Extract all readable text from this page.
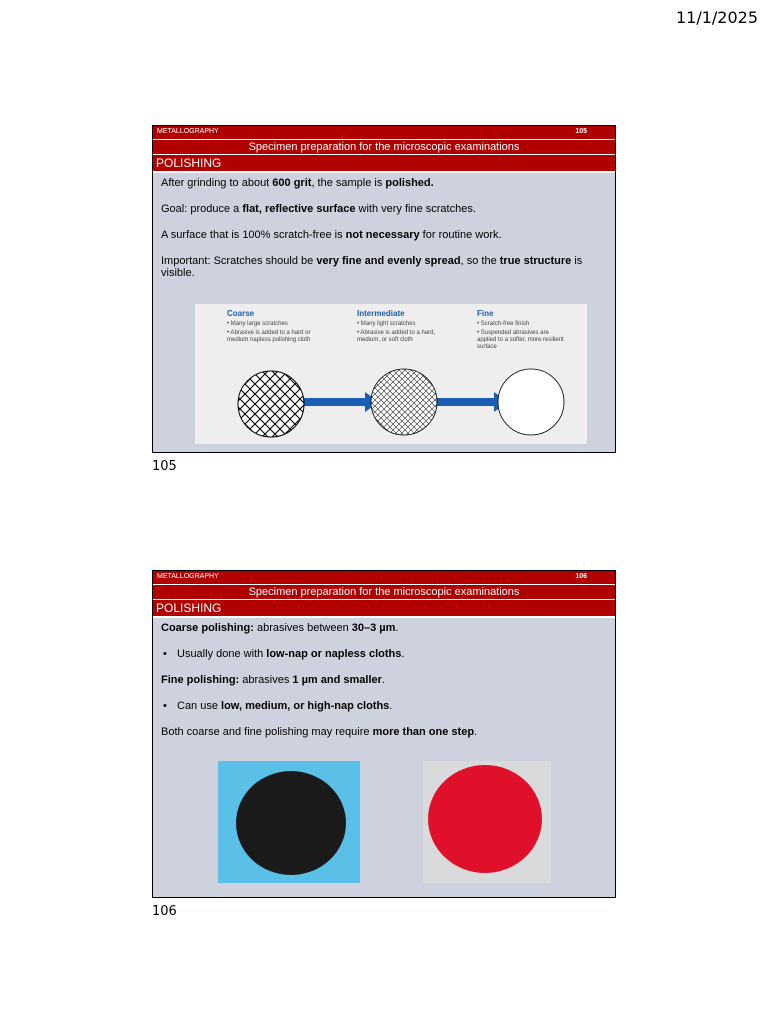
11/1/2025
METALLOGRAPHY	105
Specimen preparation for the microscopic examinations
POLISHING

After grinding to about 600 grit, the sample is polished.

Goal: produce a flat, reflective surface with very fine scratches.

A surface that is 100% scratch-free is not necessary for routine work.

Important: Scratches should be very fine and evenly spread, so the true structure is visible.

Coarse
• Many large scratches
• Abrasive is added to a hard or medium napless polishing cloth
Intermediate
• Many light scratches
• Abrasive is added to a hard, medium, or soft cloth
Fine
• Scratch-free finish
• Suspended abrasives are applied to a softer, more resilient surface
105
METALLOGRAPHY	106
Specimen preparation for the microscopic examinations
POLISHING

Coarse polishing: abrasives between 30–3 µm.

• Usually done with low-nap or napless cloths.

Fine polishing: abrasives 1 µm and smaller.

• Can use low, medium, or high-nap cloths.

Both coarse and fine polishing may require more than one step.

106
